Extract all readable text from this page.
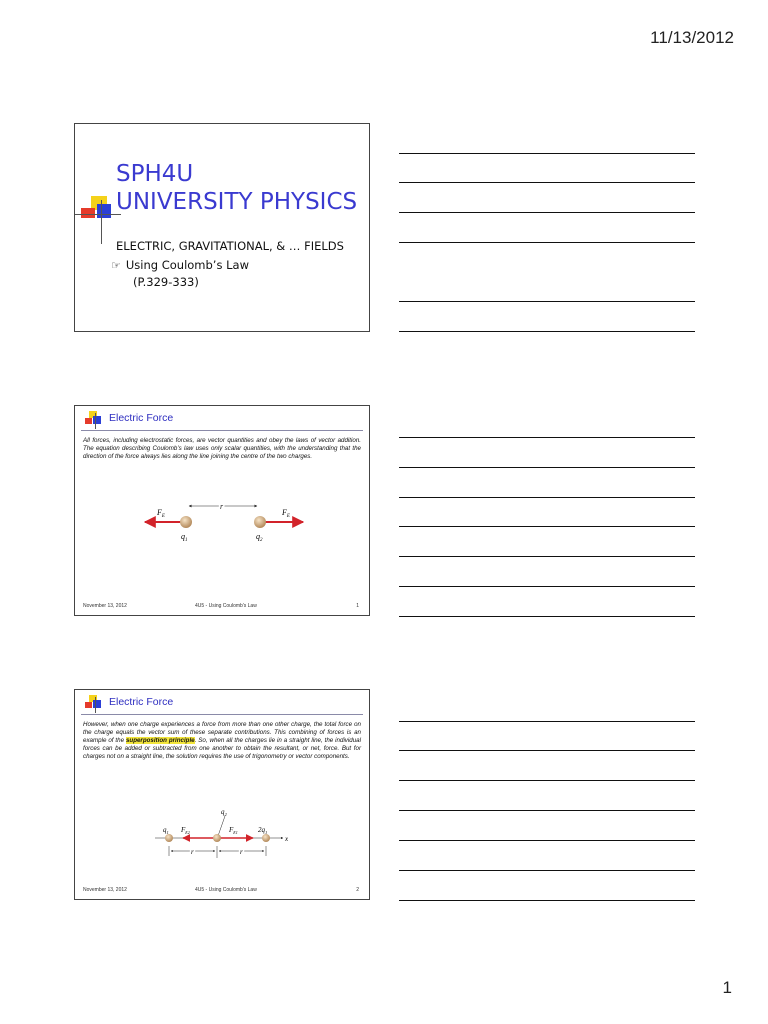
11/13/2012
SPH4U
UNIVERSITY PHYSICS
ELECTRIC, GRAVITATIONAL, & … FIELDS
☞ Using Coulomb’s Law
(P.329-333)
Electric Force
All forces, including electrostatic forces, are vector quantities and obey the laws of vector addition. The equation describing Coulomb’s law uses only scalar quantities, with the understanding that the direction of the force always lies along the line joining the centre of the two charges.
$F_E$	$F_E$
r
$q_1$	$q_2$
November 13, 2012	4U5 - Using Coulomb's Law	1
Electric Force
However, when one charge experiences a force from more than one other charge, the total force on the charge equals the vector sum of these separate contributions. This combining of forces is an example of the superposition principle. So, when all the charges lie in a straight line, the individual forces can be added or subtracted from one another to obtain the resultant, or net, force. But for charges not on a straight line, the solution requires the use of trigonometry or vector components.
$q_2$
$q_1$ $F_{E2}$	$F_{E1}$	$2q_1$
x
r	r
November 13, 2012	4U5 - Using Coulomb's Law	2
1
